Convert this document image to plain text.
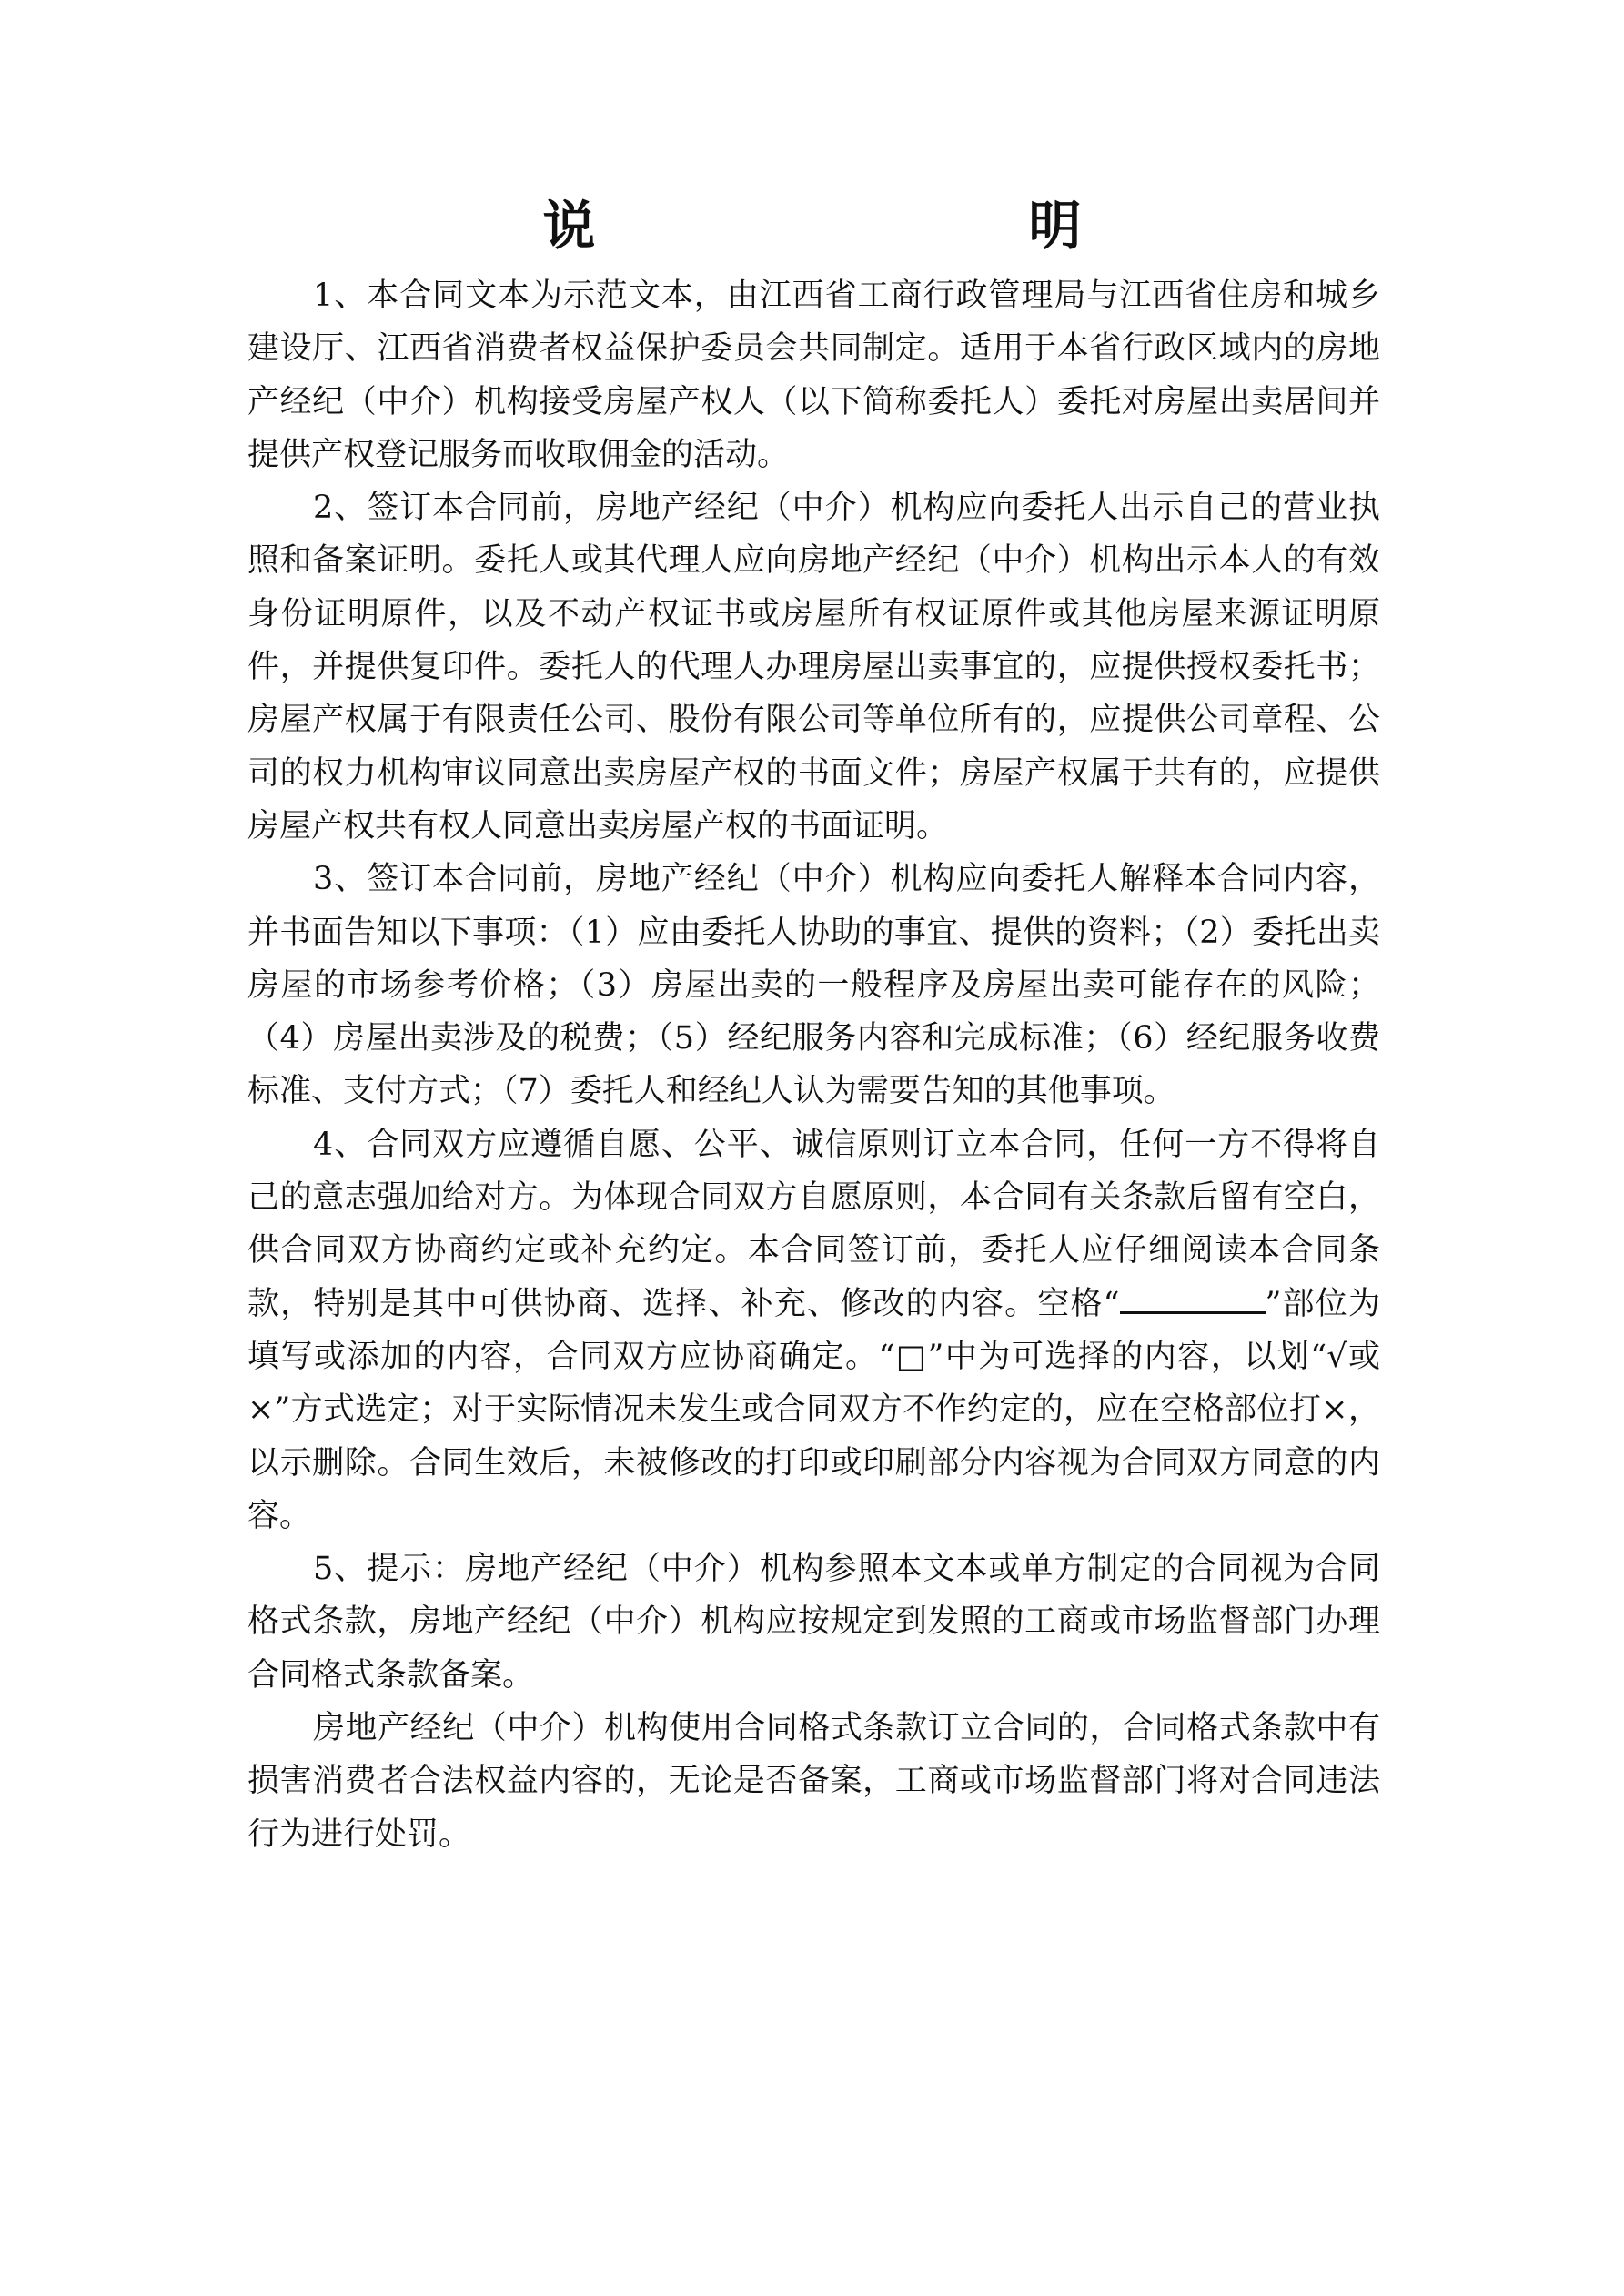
说　　明

1、本合同文本为示范文本，由江西省工商行政管理局与江西省住房和城乡建设厅、江西省消费者权益保护委员会共同制定。适用于本省行政区域内的房地产经纪（中介）机构接受房屋产权人（以下简称委托人）委托对房屋出卖居间并提供产权登记服务而收取佣金的活动。

2、签订本合同前，房地产经纪（中介）机构应向委托人出示自己的营业执照和备案证明。委托人或其代理人应向房地产经纪（中介）机构出示本人的有效身份证明原件，以及不动产权证书或房屋所有权证原件或其他房屋来源证明原件，并提供复印件。委托人的代理人办理房屋出卖事宜的，应提供授权委托书；房屋产权属于有限责任公司、股份有限公司等单位所有的，应提供公司章程、公司的权力机构审议同意出卖房屋产权的书面文件；房屋产权属于共有的，应提供房屋产权共有权人同意出卖房屋产权的书面证明。

3、签订本合同前，房地产经纪（中介）机构应向委托人解释本合同内容，并书面告知以下事项：（1）应由委托人协助的事宜、提供的资料；（2）委托出卖房屋的市场参考价格；（3）房屋出卖的一般程序及房屋出卖可能存在的风险；（4）房屋出卖涉及的税费；（5）经纪服务内容和完成标准；（6）经纪服务收费标准、支付方式；（7）委托人和经纪人认为需要告知的其他事项。

4、合同双方应遵循自愿、公平、诚信原则订立本合同，任何一方不得将自己的意志强加给对方。为体现合同双方自愿原则，本合同有关条款后留有空白，供合同双方协商约定或补充约定。本合同签订前，委托人应仔细阅读本合同条款，特别是其中可供协商、选择、补充、修改的内容。空格“	”部位为填写或添加的内容，合同双方应协商确定。“□”中为可选择的内容，以划“√或×”方式选定；对于实际情况未发生或合同双方不作约定的，应在空格部位打×，以示删除。合同生效后，未被修改的打印或印刷部分内容视为合同双方同意的内容。

5、提示：房地产经纪（中介）机构参照本文本或单方制定的合同视为合同格式条款，房地产经纪（中介）机构应按规定到发照的工商或市场监督部门办理合同格式条款备案。

房地产经纪（中介）机构使用合同格式条款订立合同的，合同格式条款中有损害消费者合法权益内容的，无论是否备案，工商或市场监督部门将对合同违法行为进行处罚。
